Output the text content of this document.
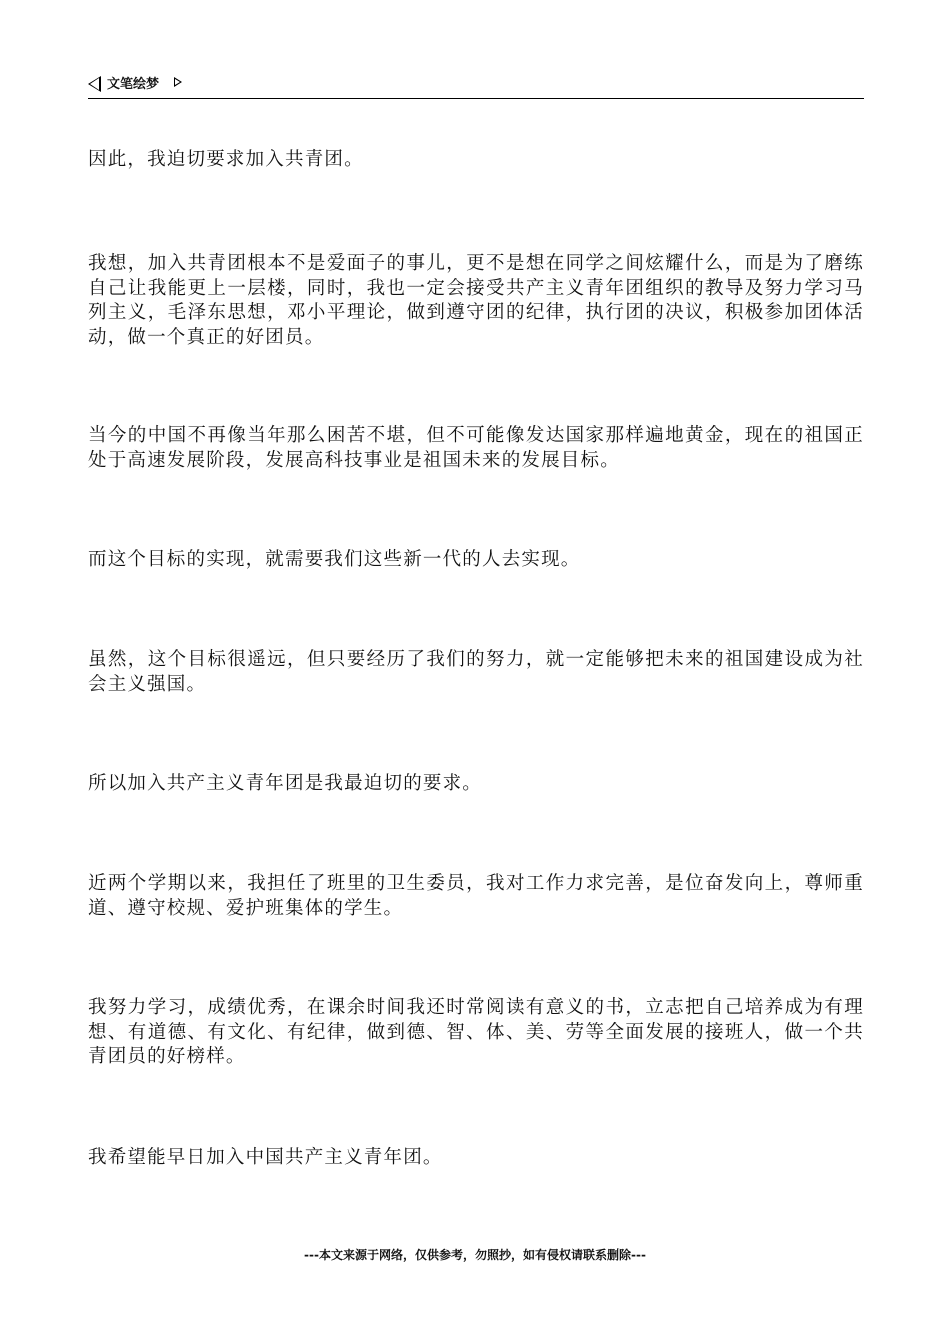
文笔绘梦

因此，我迫切要求加入共青团。

我想，加入共青团根本不是爱面子的事儿，更不是想在同学之间炫耀什么，而是为了磨练自己让我能更上一层楼，同时，我也一定会接受共产主义青年团组织的教导及努力学习马列主义，毛泽东思想，邓小平理论，做到遵守团的纪律，执行团的决议，积极参加团体活动，做一个真正的好团员。

当今的中国不再像当年那么困苦不堪，但不可能像发达国家那样遍地黄金，现在的祖国正处于高速发展阶段，发展高科技事业是祖国未来的发展目标。

而这个目标的实现，就需要我们这些新一代的人去实现。

虽然，这个目标很遥远，但只要经历了我们的努力，就一定能够把未来的祖国建设成为社会主义强国。

所以加入共产主义青年团是我最迫切的要求。

近两个学期以来，我担任了班里的卫生委员，我对工作力求完善，是位奋发向上，尊师重道、遵守校规、爱护班集体的学生。

我努力学习，成绩优秀，在课余时间我还时常阅读有意义的书，立志把自己培养成为有理想、有道德、有文化、有纪律，做到德、智、体、美、劳等全面发展的接班人，做一个共青团员的好榜样。

我希望能早日加入中国共产主义青年团。

---本文来源于网络，仅供参考，勿照抄，如有侵权请联系删除---
